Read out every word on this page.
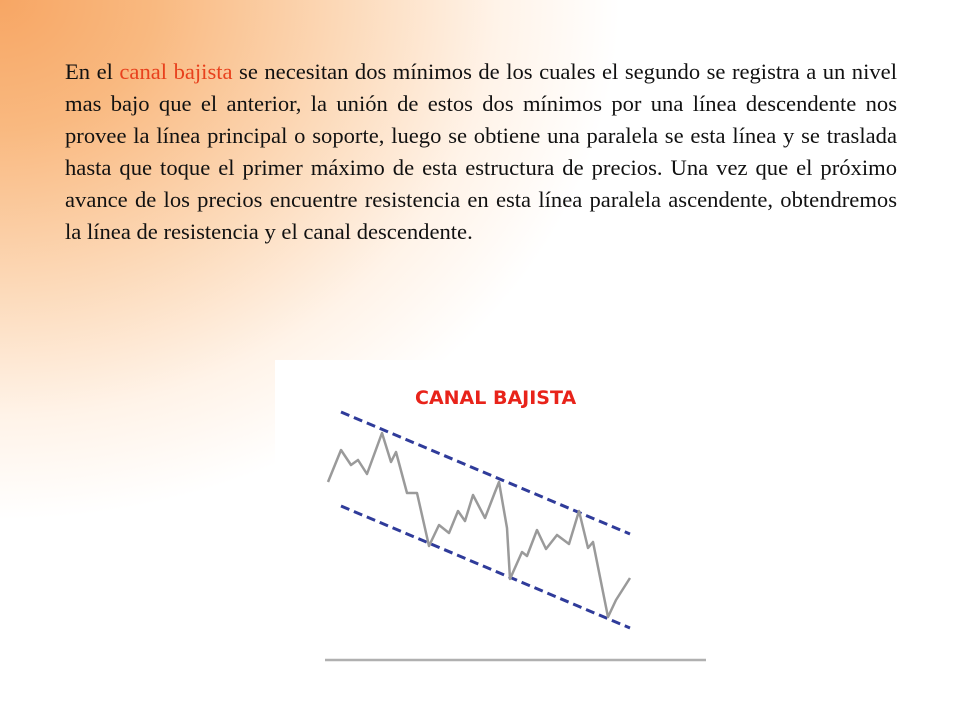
En el canal bajista se necesitan dos mínimos de los cuales el segundo se registra a un nivel mas bajo que el anterior, la unión de estos dos mínimos por una línea descendente nos provee la línea principal o soporte, luego se obtiene una paralela se esta línea y se traslada hasta que toque el primer máximo de esta estructura de precios. Una vez que el próximo avance de los precios encuentre resistencia en esta línea paralela ascendente, obtendremos la línea de resistencia y el canal descendente.

CANAL BAJISTA
